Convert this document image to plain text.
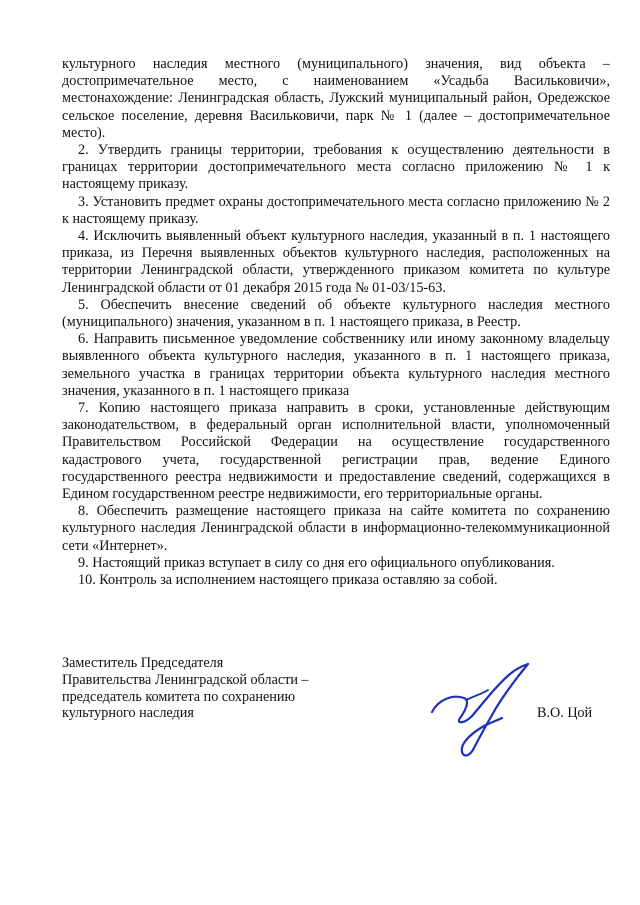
культурного наследия местного (муниципального) значения, вид объекта – достопримечательное место, с наименованием «Усадьба Васильковичи», местонахождение: Ленинградская область, Лужский муниципальный район, Оредежское сельское поселение, деревня Васильковичи, парк № 1 (далее – достопримечательное место).

2. Утвердить границы территории, требования к осуществлению деятельности в границах территории достопримечательного места согласно приложению № 1 к настоящему приказу.

3. Установить предмет охраны достопримечательного места согласно приложению № 2 к настоящему приказу.

4. Исключить выявленный объект культурного наследия, указанный в п. 1 настоящего приказа, из Перечня выявленных объектов культурного наследия, расположенных на территории Ленинградской области, утвержденного приказом комитета по культуре Ленинградской области от 01 декабря 2015 года № 01-03/15-63.

5. Обеспечить внесение сведений об объекте культурного наследия местного (муниципального) значения, указанном в п. 1 настоящего приказа, в Реестр.

6. Направить письменное уведомление собственнику или иному законному владельцу выявленного объекта культурного наследия, указанного в п. 1 настоящего приказа, земельного участка в границах территории объекта культурного наследия местного значения, указанного в п. 1 настоящего приказа

7. Копию настоящего приказа направить в сроки, установленные действующим законодательством, в федеральный орган исполнительной власти, уполномоченный Правительством Российской Федерации на осуществление государственного кадастрового учета, государственной регистрации прав, ведение Единого государственного реестра недвижимости и предоставление сведений, содержащихся в Едином государственном реестре недвижимости, его территориальные органы.

8. Обеспечить размещение настоящего приказа на сайте комитета по сохранению культурного наследия Ленинградской области в информационно-телекоммуникационной сети «Интернет».

9. Настоящий приказ вступает в силу со дня его официального опубликования.

10. Контроль за исполнением настоящего приказа оставляю за собой.

Заместитель Председателя
Правительства Ленинградской области –
председатель комитета по сохранению
культурного наследия	В.О. Цой
